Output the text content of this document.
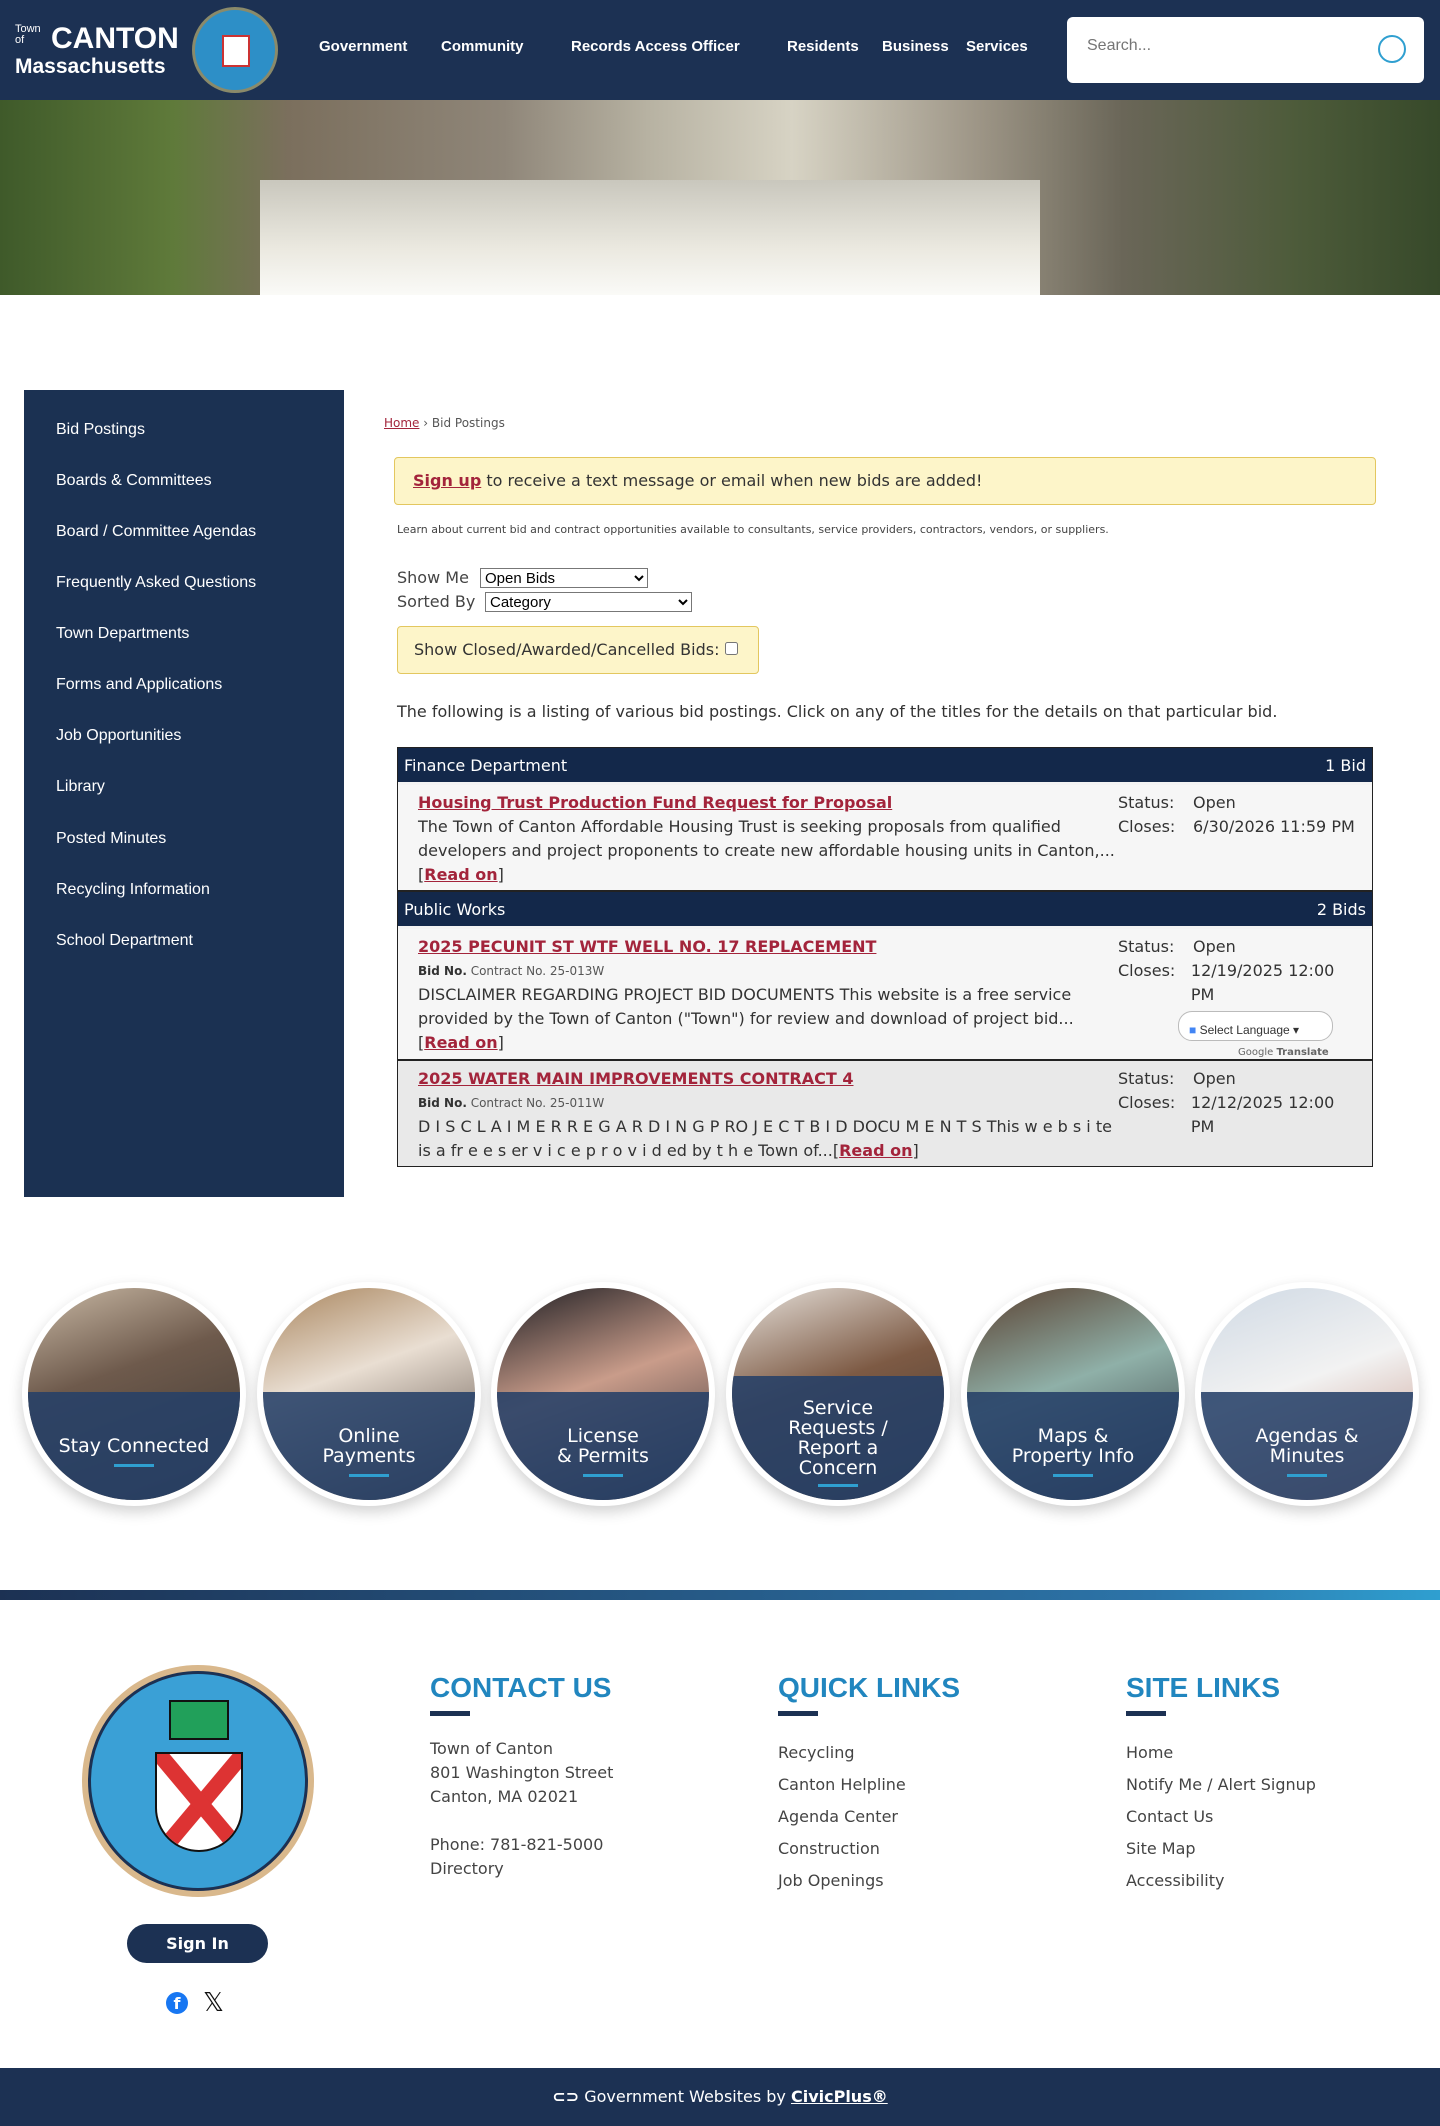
Town
of CANTON
Massachusetts
Government Community	Records Access Officer	Residents Business Services
Search...
Bid Postings
Boards & Committees
Board / Committee Agendas
Frequently Asked Questions
Town Departments
Forms and Applications
Job Opportunities
Library
Posted Minutes
Recycling Information
School Department
Home › Bid Postings
Sign up to receive a text message or email when new bids are added!
Learn about current bid and contract opportunities available to consultants, service providers, contractors, vendors, or suppliers.
Show Me
Open Bids
Sorted By
Category
Show Closed/Awarded/Cancelled Bids:
The following is a listing of various bid postings. Click on any of the titles for the details on that particular bid.
Finance Department	1 Bid
Housing Trust Production Fund Request for Proposal
The Town of Canton Affordable Housing Trust is seeking proposals from qualified developers and project proponents to create new affordable housing units in Canton,...
[Read on]
Status:	Open
Closes:	6/30/2026 11:59 PM
Public Works	2 Bids
2025 PECUNIT ST WTF WELL NO. 17 REPLACEMENT
Bid No. Contract No. 25-013W
DISCLAIMER REGARDING PROJECT BID DOCUMENTS This website is a free service provided by the Town of Canton ("Town") for review and download of project bid...
[Read on]
Status:	Open
Closes: 12/19/2025 12:00 PM
■ Select Language ▾
Google Translate
2025 WATER MAIN IMPROVEMENTS CONTRACT 4
Bid No. Contract No. 25-011W
D I S C L A I M E R R E G A R D I N G P RO J E C T B I D DOCU M E N T S This w e b s i te is a fr e e s er v i c e p r o v i d ed by t h e Town of...[Read on]
Status:	Open
Closes: 12/12/2025 12:00 PM
Stay Connected	Online Payments
License & Permits
Service Requests / Report a Concern
Maps & Property Info
Agendas & Minutes
Sign In
f 𝕏
CONTACT US
Town of Canton
801 Washington Street
Canton, MA 02021
Phone: 781-821-5000
Directory
QUICK LINKS
Recycling
Canton Helpline
Agenda Center
Construction
Job Openings
SITE LINKS
Home
Notify Me / Alert Signup
Contact Us
Site Map
Accessibility
⊂⊃ Government Websites by CivicPlus®
